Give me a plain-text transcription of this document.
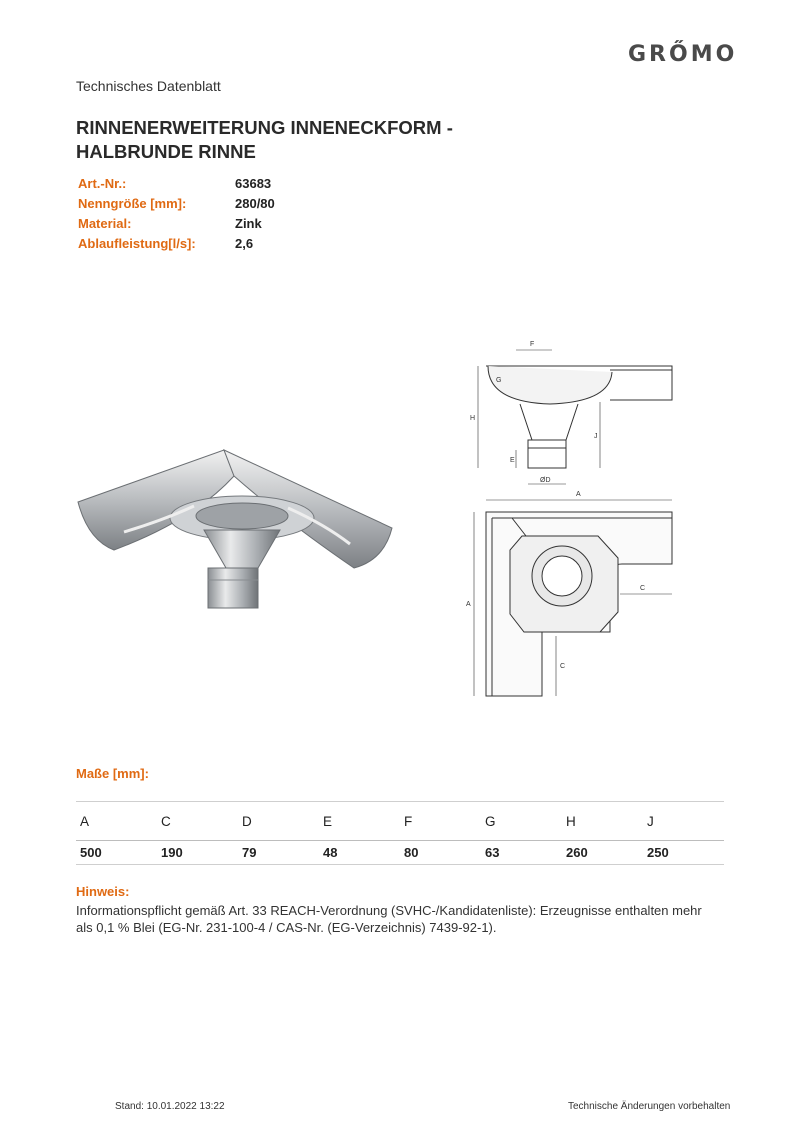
GRŐMO
Technisches Datenblatt
RINNENERWEITERUNG INNENECKFORM -
HALBRUNDE RINNE
Art.-Nr.:	63683
Nenngröße [mm]:	280/80
Material:	Zink
Ablaufleistung[l/s]:	2,6
F
G
H
J
E
ØD
A
A
C
C
Maße [mm]:
A	C	D	E	F	G	H	J
500	190	79	48	80	63	260	250
Hinweis:
Informationspflicht gemäß Art. 33 REACH-Verordnung (SVHC-/Kandidatenliste): Erzeugnisse enthalten mehr als 0,1 % Blei (EG-Nr. 231-100-4 / CAS-Nr. (EG-Verzeichnis) 7439-92-1).
Stand: 10.01.2022 13:22	Technische Änderungen vorbehalten
